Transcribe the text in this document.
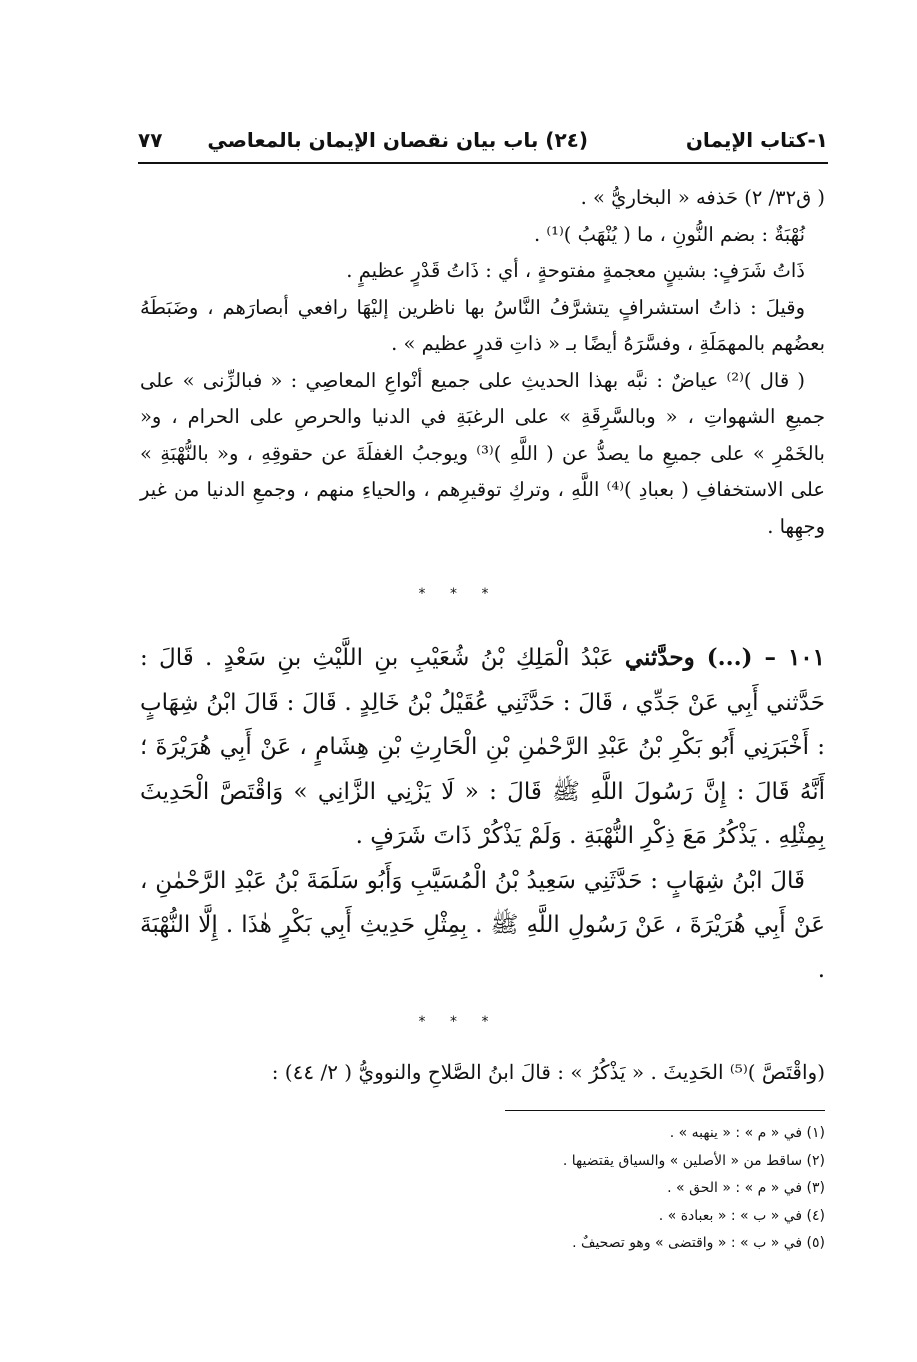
١-كتاب الإيمان
(٢٤) باب بيان نقصان الإيمان بالمعاصي
٧٧

( ق٣٢/ ٢) حَذفه « البخاريُّ » .

نُهْبَةٌ : بضم النُّونِ ، ما ( يُنْهَبُ )⁽¹⁾ .

ذَاتُ شَرَفٍ: بشينٍ معجمةٍ مفتوحةٍ ، أي : ذَاتُ قَدْرٍ عظيمٍ .

وقيلَ : ذاتُ استشرافٍ يتشرَّفُ النَّاسُ بها ناظرين إليْهَا رافعي أبصارَهم ، وضَبَطَهُ بعضُهم بالمهمَلَةِ ، وفسَّرَهُ أيضًا بـ « ذاتِ قدرٍ عظيم » .

( قال )⁽²⁾ عياضٌ : نبَّه بهذا الحديثِ على جميع أنْواعِ المعاصِي : « فبالزِّنى » على جميعِ الشهواتِ ، « وبالسَّرِقَةِ » على الرغبَةِ في الدنيا والحرصِ على الحرام ، و« بالخَمْرِ » على جميعِ ما يصدُّ عن ( اللَّهِ )⁽³⁾ ويوجبُ الغفلَةَ عن حقوقِهِ ، و« بالنُّهْبَةِ » على الاستخفافِ ( بعبادِ )⁽⁴⁾ اللَّهِ ، وتركِ توقيرِهم ، والحياءِ منهم ، وجمعِ الدنيا من غير وجهِها .

* * *

١٠١ – (...) وحدَّثني عَبْدُ الْمَلِكِ بْنُ شُعَيْبِ بنِ اللَّيْثِ بنِ سَعْدٍ . قَالَ : حَدَّثني أَبِي عَنْ جَدِّي ، قَالَ : حَدَّثَنِي عُقَيْلُ بْنُ خَالِدٍ . قَالَ : قَالَ ابْنُ شِهَابٍ : أَخْبَرَنِي أَبُو بَكْرِ بْنُ عَبْدِ الرَّحْمٰنِ بْنِ الْحَارِثِ بْنِ هِشَامٍ ، عَنْ أَبِي هُرَيْرَةَ ؛ أَنَّهُ قَالَ : إِنَّ رَسُولَ اللَّهِ ﷺ قَالَ : « لَا يَزْنِي الزَّانِي » وَاقْتَصَّ الْحَدِيثَ بِمِثْلِهِ . يَذْكُرُ مَعَ ذِكْرِ النُّهْبَةِ . وَلَمْ يَذْكُرْ ذَاتَ شَرَفٍ .

قَالَ ابْنُ شِهَابٍ : حَدَّثَنِي سَعِيدُ بْنُ الْمُسَيَّبِ وَأَبُو سَلَمَةَ بْنُ عَبْدِ الرَّحْمٰنِ ، عَنْ أَبِي هُرَيْرَةَ ، عَنْ رَسُولِ اللَّهِ ﷺ . بِمِثْلِ حَدِيثِ أَبِي بَكْرٍ هٰذَا . إِلَّا النُّهْبَةَ .

* * *
(واقْتَصَّ )⁽⁵⁾ الحَدِيثَ . « يَذْكُرُ » : قالَ ابنُ الصَّلاحِ والنوويُّ ( ٢/ ٤٤) :
(١) في « م » : « ينهبه » .
(٢) ساقط من « الأصلين » والسياق يقتضيها .
(٣) في « م » : « الحق » .
(٤) في « ب » : « بعبادة » .
(٥) في « ب » : « واقتضى » وهو تصحيفٌ .
